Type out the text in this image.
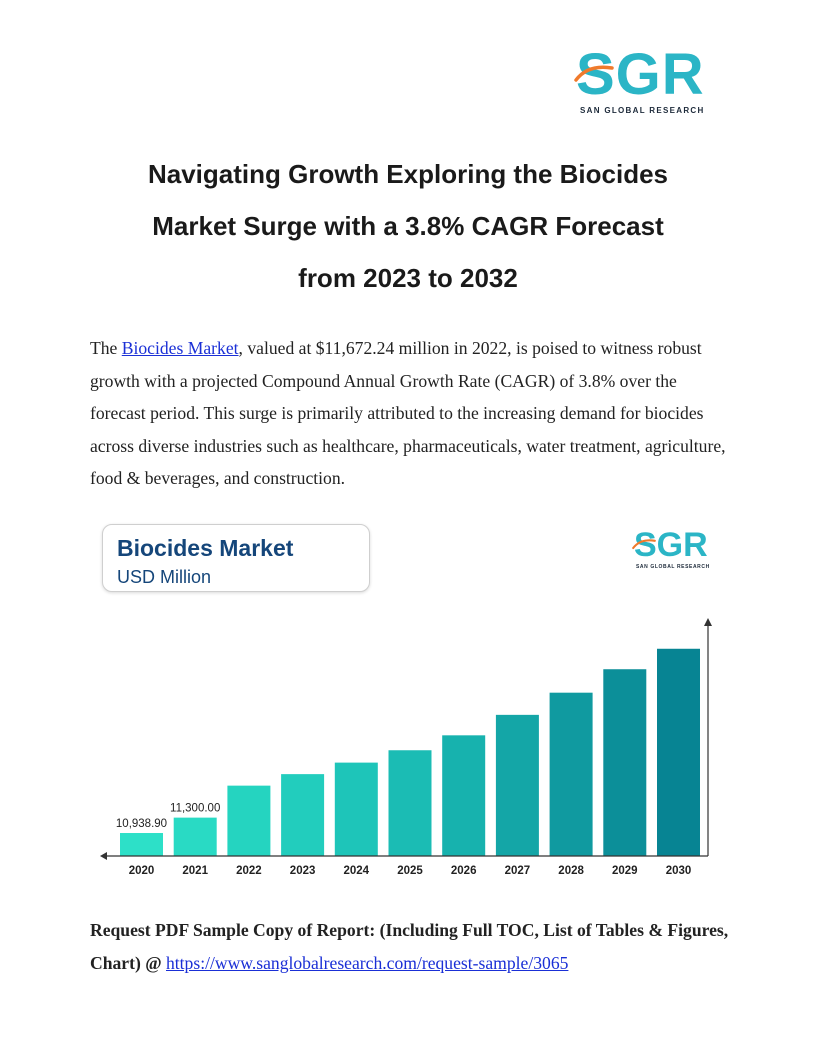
SGR
SAN GLOBAL RESEARCH
Navigating Growth Exploring the Biocides
Market Surge with a 3.8% CAGR Forecast
from 2023 to 2032

The Biocides Market, valued at $11,672.24 million in 2022, is poised to witness robust growth with a projected Compound Annual Growth Rate (CAGR) of 3.8% over the forecast period. This surge is primarily attributed to the increasing demand for biocides across diverse industries such as healthcare, pharmaceuticals, water treatment, agriculture, food & beverages, and construction.

Biocides Market
USD Million
SGR
SAN GLOBAL RESEARCH
2020
10,938.90
2021
11,300.00
2022 2023 2024 2025 2026 2027 2028 2029 2030

Request PDF Sample Copy of Report: (Including Full TOC, List of Tables & Figures, Chart) @ https://www.sanglobalresearch.com/request-sample/3065
